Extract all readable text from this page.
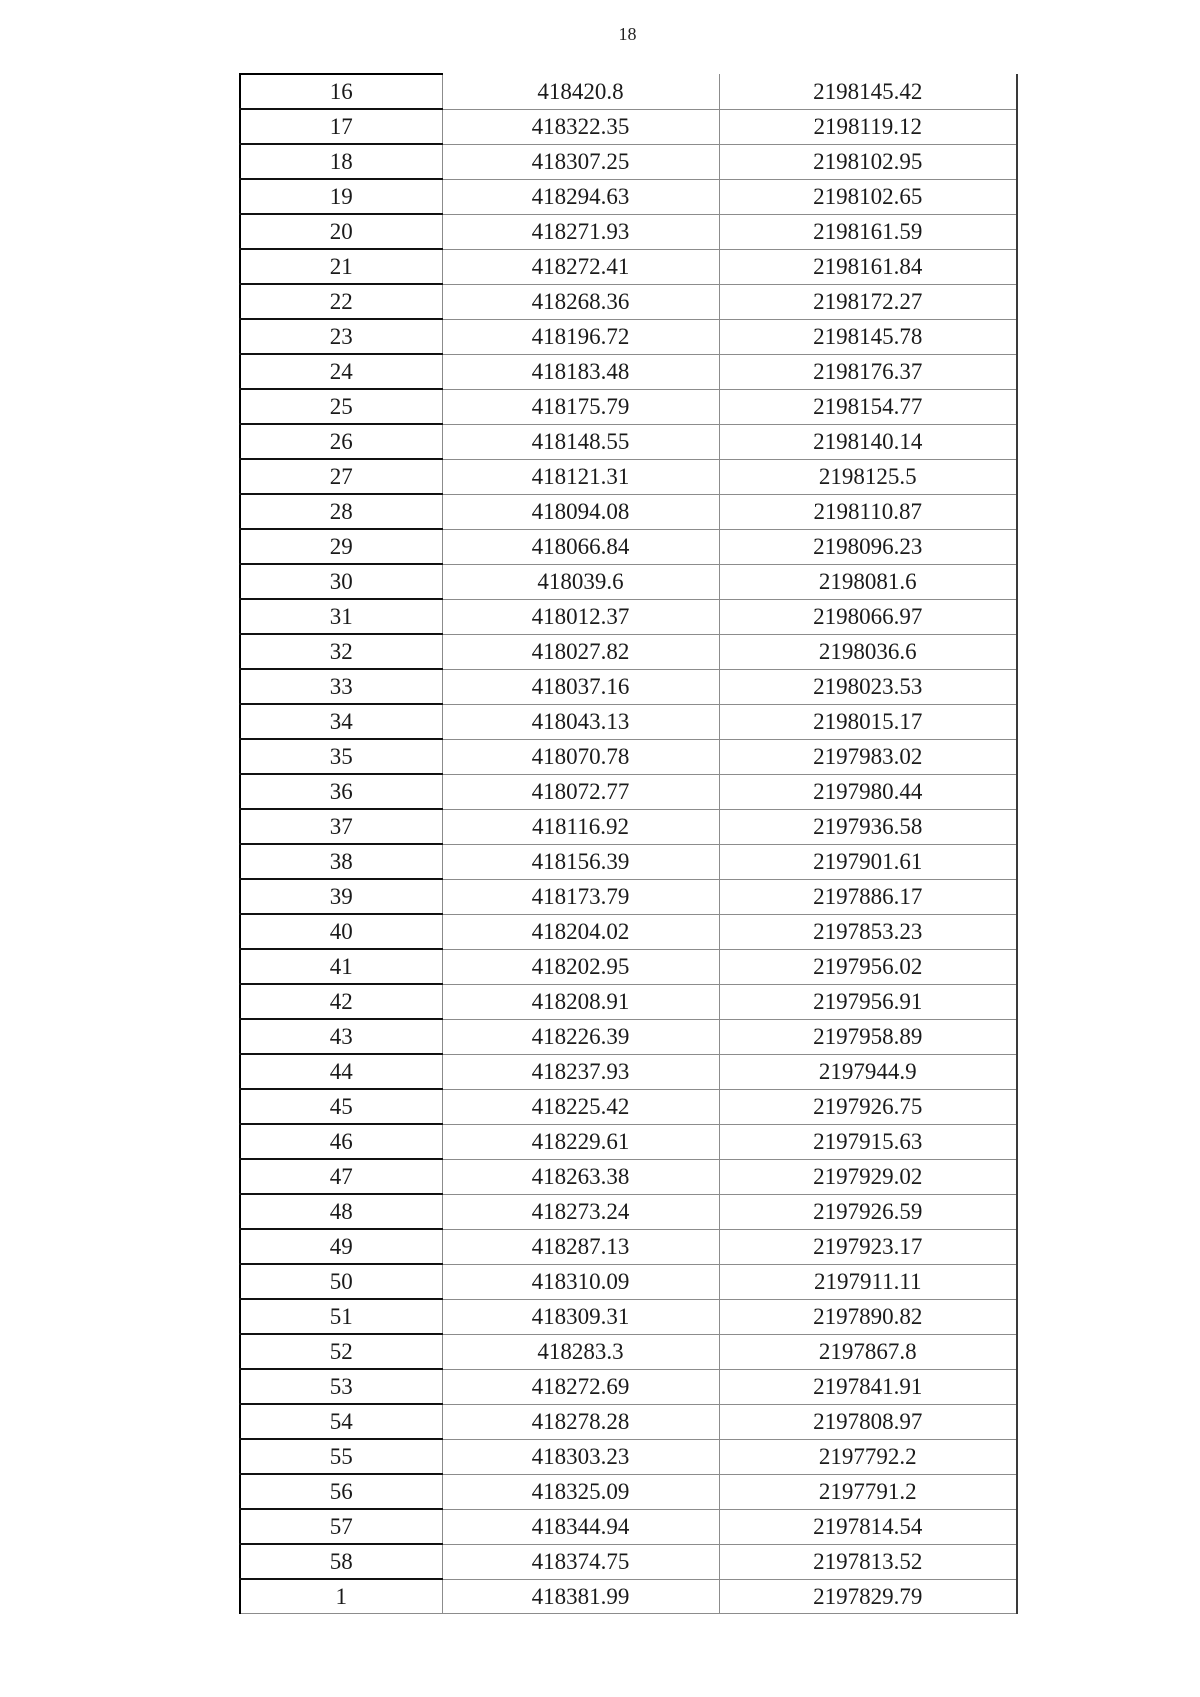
18
16	418420.8	2198145.42
17	418322.35	2198119.12
18	418307.25	2198102.95
19	418294.63	2198102.65
20	418271.93	2198161.59
21	418272.41	2198161.84
22	418268.36	2198172.27
23	418196.72	2198145.78
24	418183.48	2198176.37
25	418175.79	2198154.77
26	418148.55	2198140.14
27	418121.31	2198125.5
28	418094.08	2198110.87
29	418066.84	2198096.23
30	418039.6	2198081.6
31	418012.37	2198066.97
32	418027.82	2198036.6
33	418037.16	2198023.53
34	418043.13	2198015.17
35	418070.78	2197983.02
36	418072.77	2197980.44
37	418116.92	2197936.58
38	418156.39	2197901.61
39	418173.79	2197886.17
40	418204.02	2197853.23
41	418202.95	2197956.02
42	418208.91	2197956.91
43	418226.39	2197958.89
44	418237.93	2197944.9
45	418225.42	2197926.75
46	418229.61	2197915.63
47	418263.38	2197929.02
48	418273.24	2197926.59
49	418287.13	2197923.17
50	418310.09	2197911.11
51	418309.31	2197890.82
52	418283.3	2197867.8
53	418272.69	2197841.91
54	418278.28	2197808.97
55	418303.23	2197792.2
56	418325.09	2197791.2
57	418344.94	2197814.54
58	418374.75	2197813.52
1	418381.99	2197829.79
